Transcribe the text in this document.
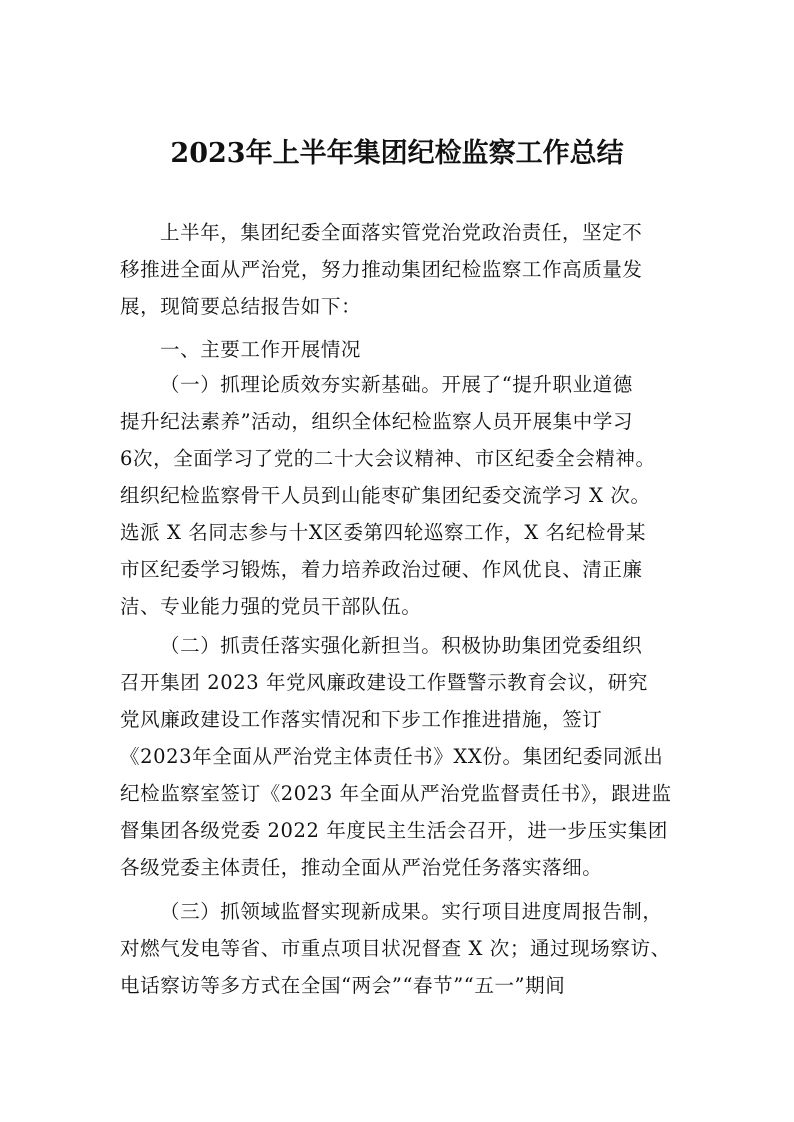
2023年上半年集团纪检监察工作总结
上半年，集团纪委全面落实管党治党政治责任，坚定不
移推进全面从严治党，努力推动集团纪检监察工作高质量发
展，现简要总结报告如下：
一、主要工作开展情况
（一）抓理论质效夯实新基础。开展了“提升职业道德
提升纪法素养”活动，组织全体纪检监察人员开展集中学习
6次，全面学习了党的二十大会议精神、市区纪委全会精神。
组织纪检监察骨干人员到山能枣矿集团纪委交流学习 X 次。
选派 X 名同志参与十X区委第四轮巡察工作，X 名纪检骨某
市区纪委学习锻炼，着力培养政治过硬、作风优良、清正廉
洁、专业能力强的党员干部队伍。
（二）抓责任落实强化新担当。积极协助集团党委组织
召开集团 2023 年党风廉政建设工作暨警示教育会议，研究
党风廉政建设工作落实情况和下步工作推进措施，签订
《2023年全面从严治党主体责任书》XX份。集团纪委同派出
纪检监察室签订《2023 年全面从严治党监督责任书》，跟进监
督集团各级党委 2022 年度民主生活会召开，进一步压实集团
各级党委主体责任，推动全面从严治党任务落实落细。
（三）抓领域监督实现新成果。实行项目进度周报告制，
对燃气发电等省、市重点项目状况督查 X 次；通过现场察访、
电话察访等多方式在全国“两会”“春节”“五一”期间
